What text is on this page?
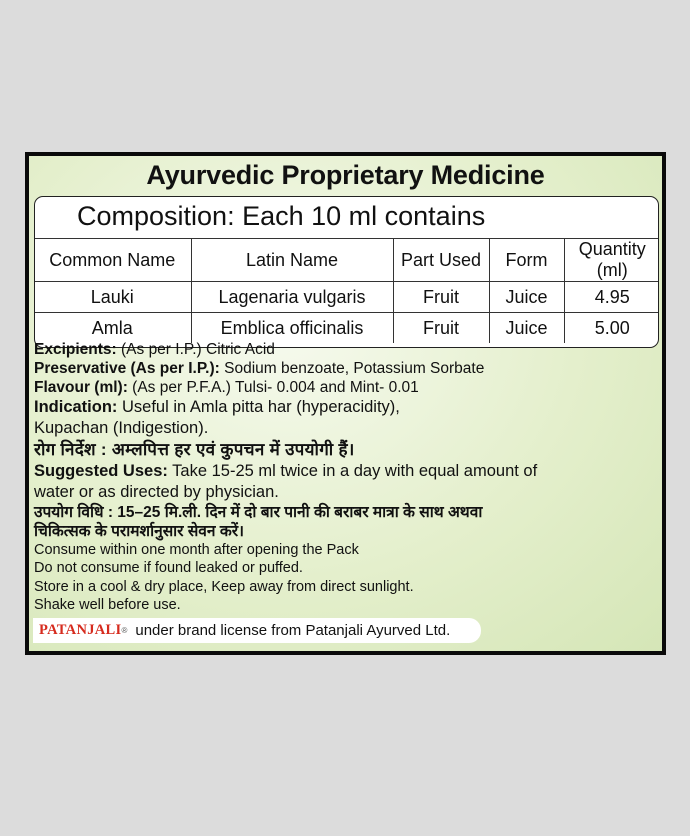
Ayurvedic Proprietary Medicine
Composition: Each 10 ml contains
Common Name	Latin Name	Part Used	Form	Quantity (ml)
Lauki	Lagenaria vulgaris	Fruit	Juice	4.95
Amla	Emblica officinalis	Fruit	Juice	5.00

Excipients: (As per I.P.) Citric Acid

Preservative (As per I.P.): Sodium benzoate, Potassium Sorbate

Flavour (ml): (As per P.F.A.) Tulsi- 0.004 and Mint- 0.01

Indication: Useful in Amla pitta har (hyperacidity),

Kupachan (Indigestion).

रोग निर्देश : अम्लपित्त हर एवं कुपचन में उपयोगी हैं।

Suggested Uses: Take 15-25 ml twice in a day with equal amount of

water or as directed by physician.

उपयोग विधि : 15–25 मि.ली. दिन में दो बार पानी की बराबर मात्रा के साथ अथवा

चिकित्सक के परामर्शानुसार सेवन करें।

Consume within one month after opening the Pack

Do not consume if found leaked or puffed.

Store in a cool & dry place, Keep away from direct sunlight.

Shake well before use.

PATANJALI ® under brand license from Patanjali Ayurved Ltd.
